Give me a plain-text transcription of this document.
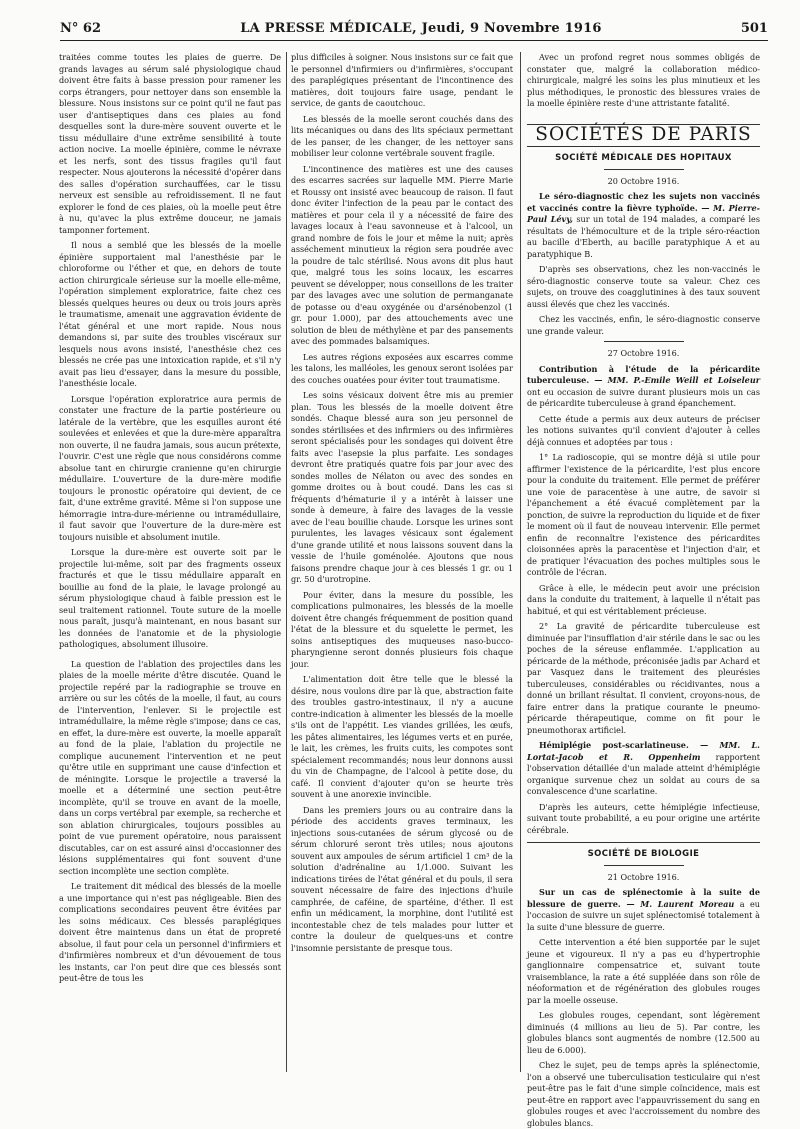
N° 62	LA PRESSE MÉDICALE, Jeudi, 9 Novembre 1916	501

traitées comme toutes les plaies de guerre. De grands lavages au sérum salé physiologique chaud doivent être faits à basse pression pour ramener les corps étrangers, pour nettoyer dans son ensemble la blessure. Nous insistons sur ce point qu'il ne faut pas user d'antiseptiques dans ces plaies au fond desquelles sont la dure-mère souvent ouverte et le tissu médullaire d'une extrême sensibilité à toute action nocive. La moelle épinière, comme le névraxe et les nerfs, sont des tissus fragiles qu'il faut respecter. Nous ajouterons la nécessité d'opérer dans des salles d'opération surchauffées, car le tissu nerveux est sensible au refroidissement. Il ne faut explorer le fond de ces plaies, où la moelle peut être à nu, qu'avec la plus extrême douceur, ne jamais tamponner fortement.

Il nous a semblé que les blessés de la moelle épinière supportaient mal l'anesthésie par le chloroforme ou l'éther et que, en dehors de toute action chirurgicale sérieuse sur la moelle elle-même, l'opération simplement exploratrice, faite chez ces blessés quelques heures ou deux ou trois jours après le traumatisme, amenait une aggravation évidente de l'état général et une mort rapide. Nous nous demandons si, par suite des troubles viscéraux sur lesquels nous avons insisté, l'anesthésie chez ces blessés ne crée pas une intoxication rapide, et s'il n'y avait pas lieu d'essayer, dans la mesure du possible, l'anesthésie locale.

Lorsque l'opération exploratrice aura permis de constater une fracture de la partie postérieure ou latérale de la vertèbre, que les esquilles auront été soulevées et enlevées et que la dure-mère apparaîtra non ouverte, il ne faudra jamais, sous aucun prétexte, l'ouvrir. C'est une règle que nous considérons comme absolue tant en chirurgie cranienne qu'en chirurgie médullaire. L'ouverture de la dure-mère modifie toujours le pronostic opératoire qui devient, de ce fait, d'une extrême gravité. Même si l'on suppose une hémorragie intra-dure-mérienne ou intramédullaire, il faut savoir que l'ouverture de la dure-mère est toujours nuisible et absolument inutile.

Lorsque la dure-mère est ouverte soit par le projectile lui-même, soit par des fragments osseux fracturés et que le tissu médullaire apparaît en bouillie au fond de la plaie, le lavage prolongé au sérum physiologique chaud à faible pression est le seul traitement rationnel. Toute suture de la moelle nous paraît, jusqu'à maintenant, en nous basant sur les données de l'anatomie et de la physiologie pathologiques, absolument illusoire.

La question de l'ablation des projectiles dans les plaies de la moelle mérite d'être discutée. Quand le projectile repéré par la radiographie se trouve en arrière ou sur les côtés de la moelle, il faut, au cours de l'intervention, l'enlever. Si le projectile est intramédullaire, la même règle s'impose; dans ce cas, en effet, la dure-mère est ouverte, la moelle apparaît au fond de la plaie, l'ablation du projectile ne complique aucunement l'intervention et ne peut qu'être utile en supprimant une cause d'infection et de méningite. Lorsque le projectile a traversé la moelle et a déterminé une section peut-être incomplète, qu'il se trouve en avant de la moelle, dans un corps vertébral par exemple, sa recherche et son ablation chirurgicales, toujours possibles au point de vue purement opératoire, nous paraissent discutables, car on est assuré ainsi d'occasionner des lésions supplémentaires qui font souvent d'une section incomplète une section complète.

Le traitement dit médical des blessés de la moelle a une importance qui n'est pas négligeable. Bien des complications secondaires peuvent être évitées par les soins médicaux. Ces blessés paraplégiques doivent être maintenus dans un état de propreté absolue, il faut pour cela un personnel d'infirmiers et d'infirmières nombreux et d'un dévouement de tous les instants, car l'on peut dire que ces blessés sont peut-être de tous les

plus difficiles à soigner. Nous insistons sur ce fait que le personnel d'infirmiers ou d'infirmières, s'occupant des paraplégiques présentant de l'incontinence des matières, doit toujours faire usage, pendant le service, de gants de caoutchouc.

Les blessés de la moelle seront couchés dans des lits mécaniques ou dans des lits spéciaux permettant de les panser, de les changer, de les nettoyer sans mobiliser leur colonne vertébrale souvent fragile.

L'incontinence des matières est une des causes des escarres sacrées sur laquelle MM. Pierre Marie et Roussy ont insisté avec beaucoup de raison. Il faut donc éviter l'infection de la peau par le contact des matières et pour cela il y a nécessité de faire des lavages locaux à l'eau savonneuse et à l'alcool, un grand nombre de fois le jour et même la nuit; après asséchement minutieux la région sera poudrée avec la poudre de talc stérilisé. Nous avons dit plus haut que, malgré tous les soins locaux, les escarres peuvent se développer, nous conseillons de les traiter par des lavages avec une solution de permanganate de potasse ou d'eau oxygénée ou d'arsénobenzol (1 gr. pour 1.000), par des attouchements avec une solution de bleu de méthylène et par des pansements avec des pommades balsamiques.

Les autres régions exposées aux escarres comme les talons, les malléoles, les genoux seront isolées par des couches ouatées pour éviter tout traumatisme.

Les soins vésicaux doivent être mis au premier plan. Tous les blessés de la moelle doivent être sondés. Chaque blessé aura son jeu personnel de sondes stérilisées et des infirmiers ou des infirmières seront spécialisés pour les sondages qui doivent être faits avec l'asepsie la plus parfaite. Les sondages devront être pratiqués quatre fois par jour avec des sondes molles de Nélaton ou avec des sondes en gomme droites ou à bout coudé. Dans les cas si fréquents d'hématurie il y a intérêt à laisser une sonde à demeure, à faire des lavages de la vessie avec de l'eau bouillie chaude. Lorsque les urines sont purulentes, les lavages vésicaux sont également d'une grande utilité et nous laissons souvent dans la vessie de l'huile goménolée. Ajoutons que nous faisons prendre chaque jour à ces blessés 1 gr. ou 1 gr. 50 d'urotropine.

Pour éviter, dans la mesure du possible, les complications pulmonaires, les blessés de la moelle doivent être changés fréquemment de position quand l'état de la blessure et du squelette le permet, les soins antiseptiques des muqueuses naso-bucco-pharyngienne seront donnés plusieurs fois chaque jour.

L'alimentation doit être telle que le blessé la désire, nous voulons dire par là que, abstraction faite des troubles gastro-intestinaux, il n'y a aucune contre-indication à alimenter les blessés de la moelle s'ils ont de l'appétit. Les viandes grillées, les œufs, les pâtes alimentaires, les légumes verts et en purée, le lait, les crèmes, les fruits cuits, les compotes sont spécialement recommandés; nous leur donnons aussi du vin de Champagne, de l'alcool à petite dose, du café. Il convient d'ajouter qu'on se heurte très souvent à une anorexie invincible.

Dans les premiers jours ou au contraire dans la période des accidents graves terminaux, les injections sous-cutanées de sérum glycosé ou de sérum chloruré seront très utiles; nous ajoutons souvent aux ampoules de sérum artificiel 1 cm³ de la solution d'adrénaline au 1/1.000. Suivant les indications tirées de l'état général et du pouls, il sera souvent nécessaire de faire des injections d'huile camphrée, de caféine, de spartéine, d'éther. Il est enfin un médicament, la morphine, dont l'utilité est incontestable chez de tels malades pour lutter et contre la douleur de quelques-uns et contre l'insomnie persistante de presque tous.

Avec un profond regret nous sommes obligés de constater que, malgré la collaboration médico-chirurgicale, malgré les soins les plus minutieux et les plus méthodiques, le pronostic des blessures vraies de la moelle épinière reste d'une attristante fatalité.

SOCIÉTÉS DE PARIS
SOCIÉTÉ MÉDICALE DES HOPITAUX
20 Octobre 1916.

Le séro-diagnostic chez les sujets non vaccinés et vaccinés contre la fièvre typhoïde. — M. Pierre-Paul Lévy, sur un total de 194 malades, a comparé les résultats de l'hémoculture et de la triple séro-réaction au bacille d'Eberth, au bacille paratyphique A et au paratyphique B.

D'après ses observations, chez les non-vaccinés le séro-diagnostic conserve toute sa valeur. Chez ces sujets, on trouve des coagglutinines à des taux souvent aussi élevés que chez les vaccinés.

Chez les vaccinés, enfin, le séro-diagnostic conserve une grande valeur.

27 Octobre 1916.

Contribution à l'étude de la péricardite tuberculeuse. — MM. P.-Emile Weill et Loiseleur ont eu occasion de suivre durant plusieurs mois un cas de péricardite tuberculeuse à grand épanchement.

Cette étude a permis aux deux auteurs de préciser les notions suivantes qu'il convient d'ajouter à celles déjà connues et adoptées par tous :

1° La radioscopie, qui se montre déjà si utile pour affirmer l'existence de la péricardite, l'est plus encore pour la conduite du traitement. Elle permet de préférer une voie de paracentèse à une autre, de savoir si l'épanchement a été évacué complètement par la ponction, de suivre la reproduction du liquide et de fixer le moment où il faut de nouveau intervenir. Elle permet enfin de reconnaître l'existence des péricardites cloisonnées après la paracentèse et l'injection d'air, et de pratiquer l'évacuation des poches multiples sous le contrôle de l'écran.

Grâce à elle, le médecin peut avoir une précision dans la conduite du traitement, à laquelle il n'était pas habitué, et qui est véritablement précieuse.

2° La gravité de péricardite tuberculeuse est diminuée par l'insufflation d'air stérile dans le sac ou les poches de la séreuse enflammée. L'application au péricarde de la méthode, préconisée jadis par Achard et par Vasquez dans le traitement des pleurésies tuberculeuses, considérables ou récidivantes, nous a donné un brillant résultat. Il convient, croyons-nous, de faire entrer dans la pratique courante le pneumo-péricarde thérapeutique, comme on fit pour le pneumothorax artificiel.

Hémiplégie post-scarlatineuse. — MM. L. Lortat-Jacob et R. Oppenheim rapportent l'observation détaillée d'un malade atteint d'hémiplégie organique survenue chez un soldat au cours de sa convalescence d'une scarlatine.

D'après les auteurs, cette hémiplégie infectieuse, suivant toute probabilité, a eu pour origine une artérite cérébrale.

SOCIÉTÉ DE BIOLOGIE
21 Octobre 1916.

Sur un cas de splénectomie à la suite de blessure de guerre. — M. Laurent Moreau a eu l'occasion de suivre un sujet splénectomisé totalement à la suite d'une blessure de guerre.

Cette intervention a été bien supportée par le sujet jeune et vigoureux. Il n'y a pas eu d'hypertrophie ganglionnaire compensatrice et, suivant toute vraisemblance, la rate a été suppléée dans son rôle de néoformation et de régénération des globules rouges par la moelle osseuse.

Les globules rouges, cependant, sont légèrement diminués (4 millions au lieu de 5). Par contre, les globules blancs sont augmentés de nombre (12.500 au lieu de 6.000).

Chez le sujet, peu de temps après la splénectomie, l'on a observé une tuberculisation testiculaire qui n'est peut-être pas le fait d'une simple coïncidence, mais est peut-être en rapport avec l'appauvrissement du sang en globules rouges et avec l'accroissement du nombre des globules blancs.
